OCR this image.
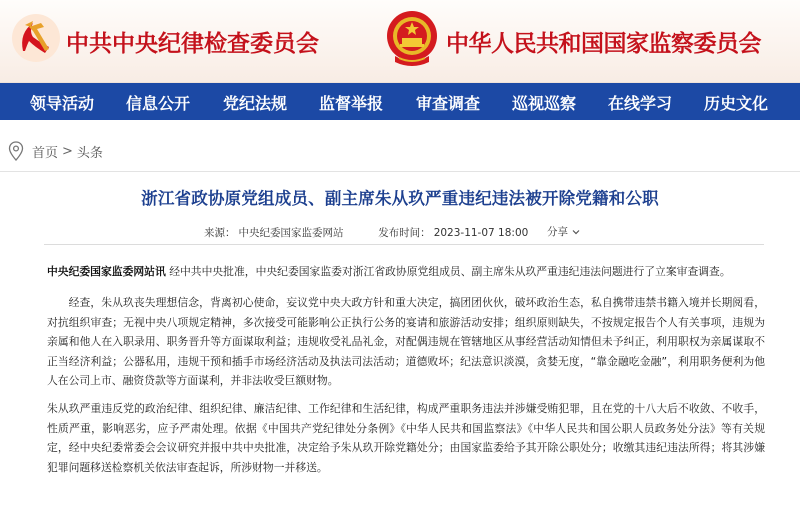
中共中央纪律检查委员会	中华人民共和国国家监察委员会
领导活动 信息公开 党纪法规 监督举报 审查调查 巡视巡察 在线学习 历史文化
首页 > 头条
浙江省政协原党组成员、副主席朱从玖严重违纪违法被开除党籍和公职
来源： 中央纪委国家监委网站	发布时间： 2023-11-07 18:00 分享

中央纪委国家监委网站讯 经中共中央批准，中央纪委国家监委对浙江省政协原党组成员、副主席朱从玖严重违纪违法问题进行了立案审查调查。

经查，朱从玖丧失理想信念，背离初心使命，妄议党中央大政方针和重大决定，搞团团伙伙，破坏政治生态，私自携带违禁书籍入境并长期阅看，对抗组织审查；无视中央八项规定精神，多次接受可能影响公正执行公务的宴请和旅游活动安排；组织原则缺失，不按规定报告个人有关事项，违规为亲属和他人在入职录用、职务晋升等方面谋取利益；违规收受礼品礼金，对配偶违规在管辖地区从事经营活动知情但未予纠正，利用职权为亲属谋取不正当经济利益；公器私用，违规干预和插手市场经济活动及执法司法活动；道德败坏；纪法意识淡漠，贪婪无度，“靠金融吃金融”，利用职务便利为他人在公司上市、融资贷款等方面谋利，并非法收受巨额财物。

朱从玖严重违反党的政治纪律、组织纪律、廉洁纪律、工作纪律和生活纪律，构成严重职务违法并涉嫌受贿犯罪，且在党的十八大后不收敛、不收手，性质严重，影响恶劣，应予严肃处理。依据《中国共产党纪律处分条例》《中华人民共和国监察法》《中华人民共和国公职人员政务处分法》等有关规定，经中央纪委常委会会议研究并报中共中央批准，决定给予朱从玖开除党籍处分；由国家监委给予其开除公职处分；收缴其违纪违法所得；将其涉嫌犯罪问题移送检察机关依法审查起诉，所涉财物一并移送。
